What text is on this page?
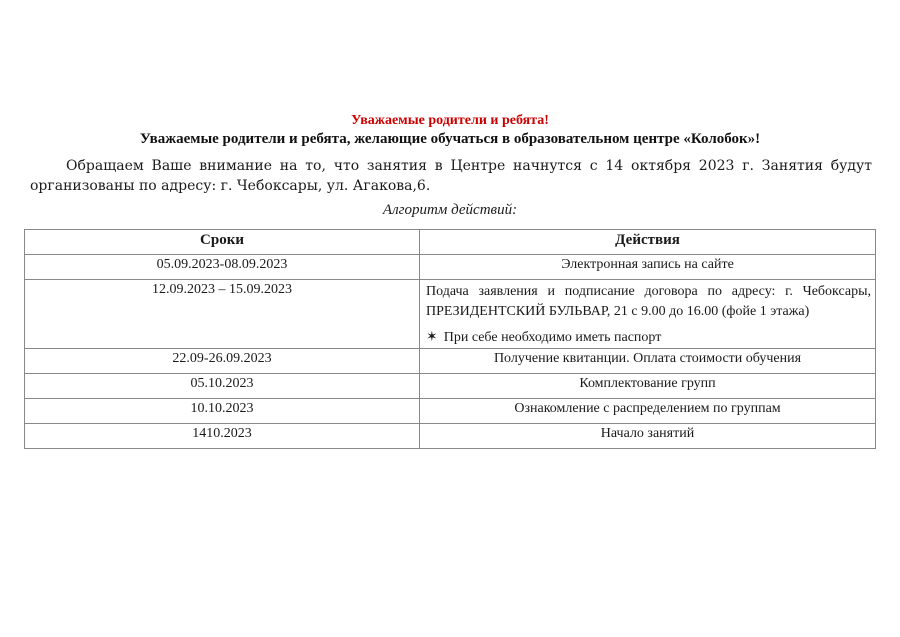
Уважаемые родители и ребята!
Уважаемые родители и ребята, желающие обучаться в образовательном центре «Колобок»!
Обращаем Ваше внимание на то, что занятия в Центре начнутся с 14 октября 2023 г. Занятия будут организованы по адресу: г. Чебоксары, ул. Агакова,6.
Алгоритм действий:
Сроки	Действия
05.09.2023-08.09.2023	Электронная запись на сайте
12.09.2023 – 15.09.2023	Подача заявления и подписание договора по адресу: г. Чебоксары, ПРЕЗИДЕНТСКИЙ БУЛЬВАР, 21 с 9.00 до 16.00 (фойе 1 этажа)
✶ При себе необходимо иметь паспорт

22.09-26.09.2023	Получение квитанции. Оплата стоимости обучения
05.10.2023	Комплектование групп
10.10.2023	Ознакомление с распределением по группам
1410.2023	Начало занятий
